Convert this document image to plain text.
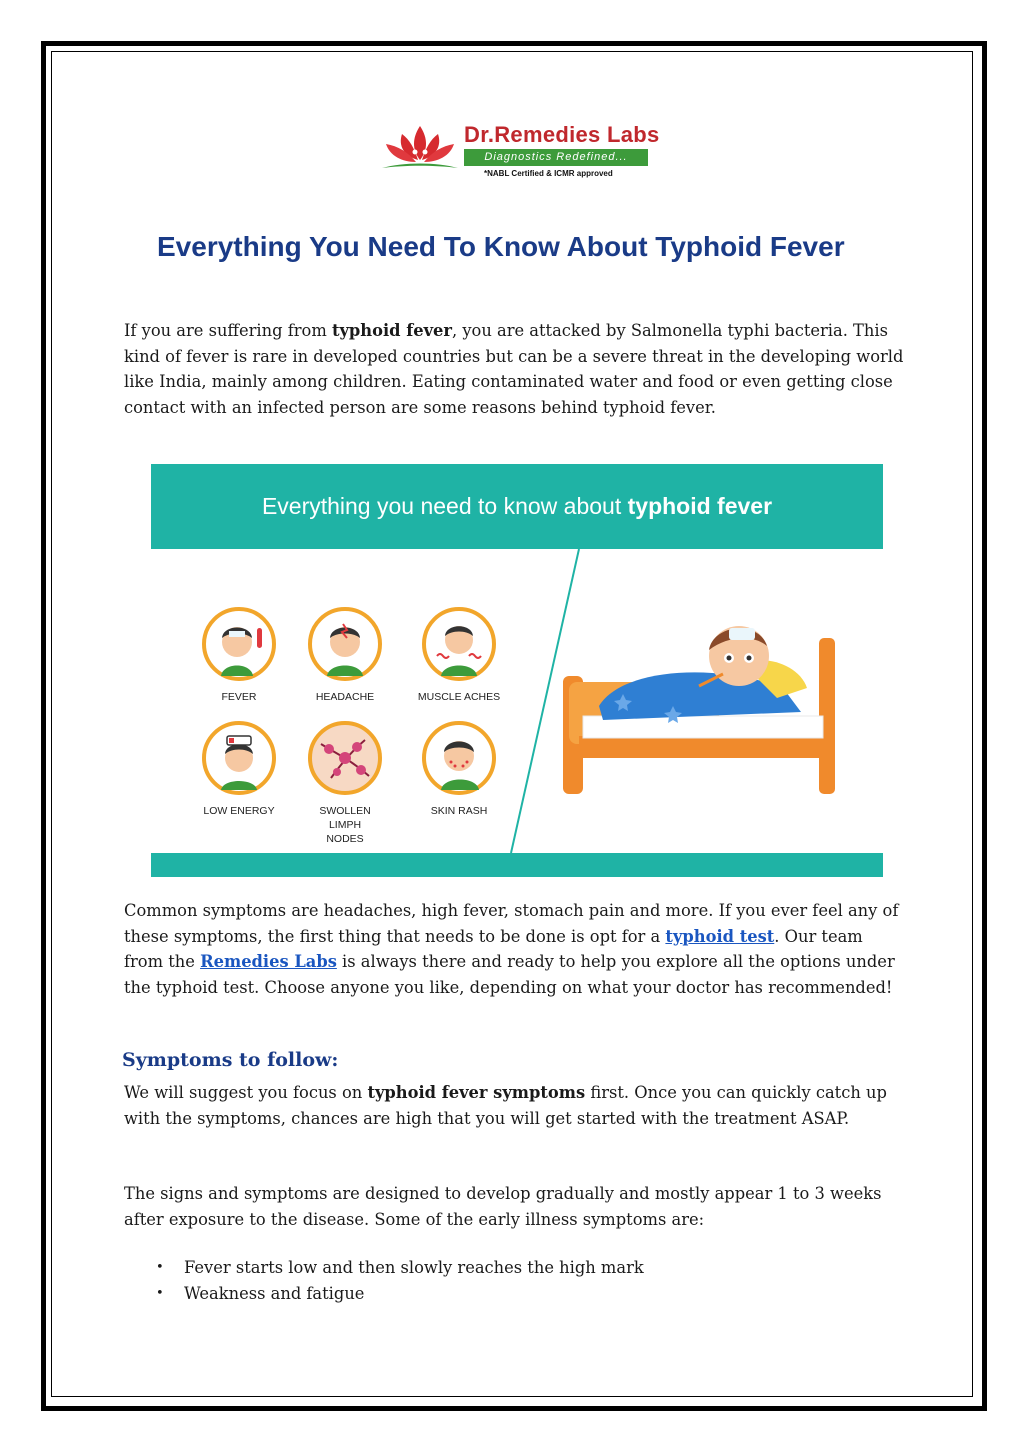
Dr.Remedies Labs
Diagnostics Redefined...
*NABL Certified & ICMR approved
Everything You Need To Know About Typhoid Fever

If you are suffering from typhoid fever, you are attacked by Salmonella typhi bacteria. This kind of fever is rare in developed countries but can be a severe threat in the developing world like India, mainly among children. Eating contaminated water and food or even getting close contact with an infected person are some reasons behind typhoid fever.

Everything you need to know about typhoid fever
FEVER	HEADACHE	MUSCLE ACHES
LOW ENERGY	SWOLLEN LIMPH NODES
SKIN RASH

Common symptoms are headaches, high fever, stomach pain and more. If you ever feel any of these symptoms, the first thing that needs to be done is opt for a typhoid test. Our team from the Remedies Labs is always there and ready to help you explore all the options under the typhoid test. Choose anyone you like, depending on what your doctor has recommended!

Symptoms to follow:

We will suggest you focus on typhoid fever symptoms first. Once you can quickly catch up with the symptoms, chances are high that you will get started with the treatment ASAP.

The signs and symptoms are designed to develop gradually and mostly appear 1 to 3 weeks after exposure to the disease. Some of the early illness symptoms are:

• Fever starts low and then slowly reaches the high mark
• Weakness and fatigue
